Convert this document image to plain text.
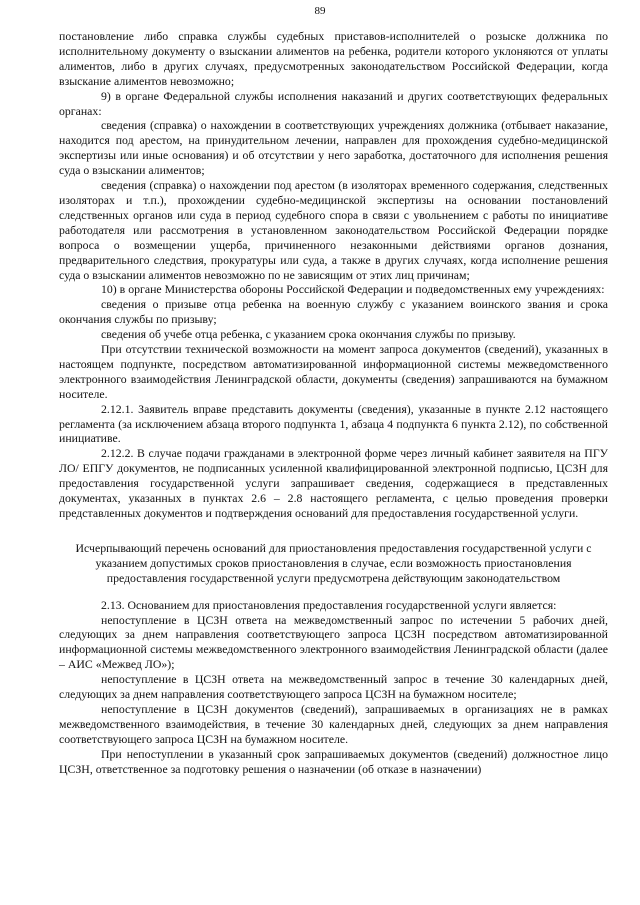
89

постановление либо справка службы судебных приставов-исполнителей о розыске должника по исполнительному документу о взыскании алиментов на ребенка, родители которого уклоняются от уплаты алиментов, либо в других случаях, предусмотренных законодательством Российской Федерации, когда взыскание алиментов невозможно;

9) в органе Федеральной службы исполнения наказаний и других соответствующих федеральных органах:

сведения (справка) о нахождении в соответствующих учреждениях должника (отбывает наказание, находится под арестом, на принудительном лечении, направлен для прохождения судебно-медицинской экспертизы или иные основания) и об отсутствии у него заработка, достаточного для исполнения решения суда о взыскании алиментов;

сведения (справка) о нахождении под арестом (в изоляторах временного содержания, следственных изоляторах и т.п.), прохождении судебно-медицинской экспертизы на основании постановлений следственных органов или суда в период судебного спора в связи с увольнением с работы по инициативе работодателя или рассмотрения в установленном законодательством Российской Федерации порядке вопроса о возмещении ущерба, причиненного незаконными действиями органов дознания, предварительного следствия, прокуратуры или суда, а также в других случаях, когда исполнение решения суда о взыскании алиментов невозможно по не зависящим от этих лиц причинам;

10) в органе Министерства обороны Российской Федерации и подведомственных ему учреждениях:

сведения о призыве отца ребенка на военную службу с указанием воинского звания и срока окончания службы по призыву;

сведения об учебе отца ребенка, с указанием срока окончания службы по призыву.

При отсутствии технической возможности на момент запроса документов (сведений), указанных в настоящем подпункте, посредством автоматизированной информационной системы межведомственного электронного взаимодействия Ленинградской области, документы (сведения) запрашиваются на бумажном носителе.

2.12.1. Заявитель вправе представить документы (сведения), указанные в пункте 2.12 настоящего регламента (за исключением абзаца второго подпункта 1, абзаца 4 подпункта 6 пункта 2.12), по собственной инициативе.

2.12.2. В случае подачи гражданами в электронной форме через личный кабинет заявителя на ПГУ ЛО/ ЕПГУ документов, не подписанных усиленной квалифицированной электронной подписью, ЦСЗН для предоставления государственной услуги запрашивает сведения, содержащиеся в представленных документах, указанных в пунктах 2.6 – 2.8 настоящего регламента, с целью проведения проверки представленных документов и подтверждения оснований для предоставления государственной услуги.

Исчерпывающий перечень оснований для приостановления предоставления государственной услуги с указанием допустимых сроков приостановления в случае, если возможность приостановления предоставления государственной услуги предусмотрена действующим законодательством

2.13. Основанием для приостановления предоставления государственной услуги является:

непоступление в ЦСЗН ответа на межведомственный запрос по истечении 5 рабочих дней, следующих за днем направления соответствующего запроса ЦСЗН посредством автоматизированной информационной системы межведомственного электронного взаимодействия Ленинградской области (далее – АИС «Межвед ЛО»);

непоступление в ЦСЗН ответа на межведомственный запрос в течение 30 календарных дней, следующих за днем направления соответствующего запроса ЦСЗН на бумажном носителе;

непоступление в ЦСЗН документов (сведений), запрашиваемых в организациях не в рамках межведомственного взаимодействия, в течение 30 календарных дней, следующих за днем направления соответствующего запроса ЦСЗН на бумажном носителе.

При непоступлении в указанный срок запрашиваемых документов (сведений) должностное лицо ЦСЗН, ответственное за подготовку решения о назначении (об отказе в назначении)
